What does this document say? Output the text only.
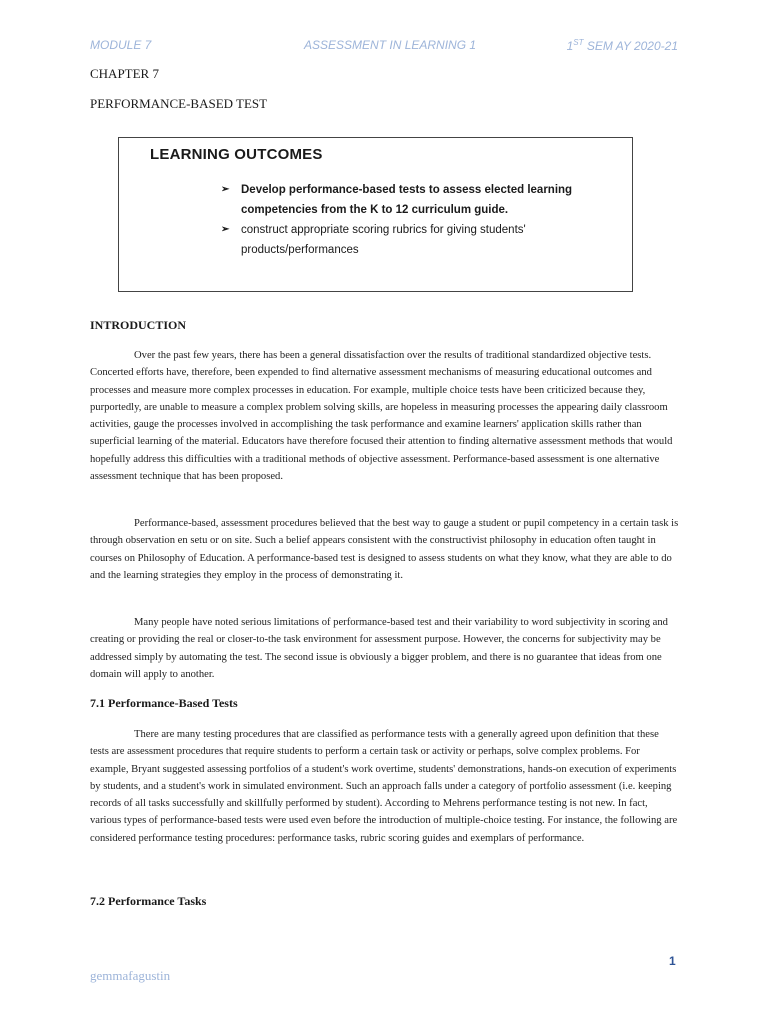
MODULE 7	ASSESSMENT IN LEARNING 1	1ST SEM AY 2020-21
CHAPTER 7
PERFORMANCE-BASED TEST
LEARNING OUTCOMES
➢ Develop performance-based tests to assess elected learning competencies from the K to 12 curriculum guide.
➢ construct appropriate scoring rubrics for giving students' products/performances
INTRODUCTION

Over the past few years, there has been a general dissatisfaction over the results of traditional standardized objective tests. Concerted efforts have, therefore, been expended to find alternative assessment mechanisms of measuring educational outcomes and processes and measure more complex processes in education. For example, multiple choice tests have been criticized because they, purportedly, are unable to measure a complex problem solving skills, are hopeless in measuring processes the appearing daily classroom activities, gauge the processes involved in accomplishing the task performance and examine learners' application skills rather than superficial learning of the material. Educators have therefore focused their attention to finding alternative assessment methods that would hopefully address this difficulties with a traditional methods of objective assessment. Performance-based assessment is one alternative assessment technique that has been proposed.

Performance-based, assessment procedures believed that the best way to gauge a student or pupil competency in a certain task is through observation en setu or on site. Such a belief appears consistent with the constructivist philosophy in education often taught in courses on Philosophy of Education. A performance-based test is designed to assess students on what they know, what they are able to do and the learning strategies they employ in the process of demonstrating it.

Many people have noted serious limitations of performance-based test and their variability to word subjectivity in scoring and creating or providing the real or closer-to-the task environment for assessment purpose. However, the concerns for subjectivity may be addressed simply by automating the test. The second issue is obviously a bigger problem, and there is no guarantee that ideas from one domain will apply to another.

7.1 Performance-Based Tests

There are many testing procedures that are classified as performance tests with a generally agreed upon definition that these tests are assessment procedures that require students to perform a certain task or activity or perhaps, solve complex problems. For example, Bryant suggested assessing portfolios of a student's work overtime, students' demonstrations, hands-on execution of experiments by students, and a student's work in simulated environment. Such an approach falls under a category of portfolio assessment (i.e. keeping records of all tasks successfully and skillfully performed by student). According to Mehrens performance testing is not new. In fact, various types of performance-based tests were used even before the introduction of multiple-choice testing. For instance, the following are considered performance testing procedures: performance tasks, rubric scoring guides and exemplars of performance.

7.2 Performance Tasks
1
gemmafagustin
